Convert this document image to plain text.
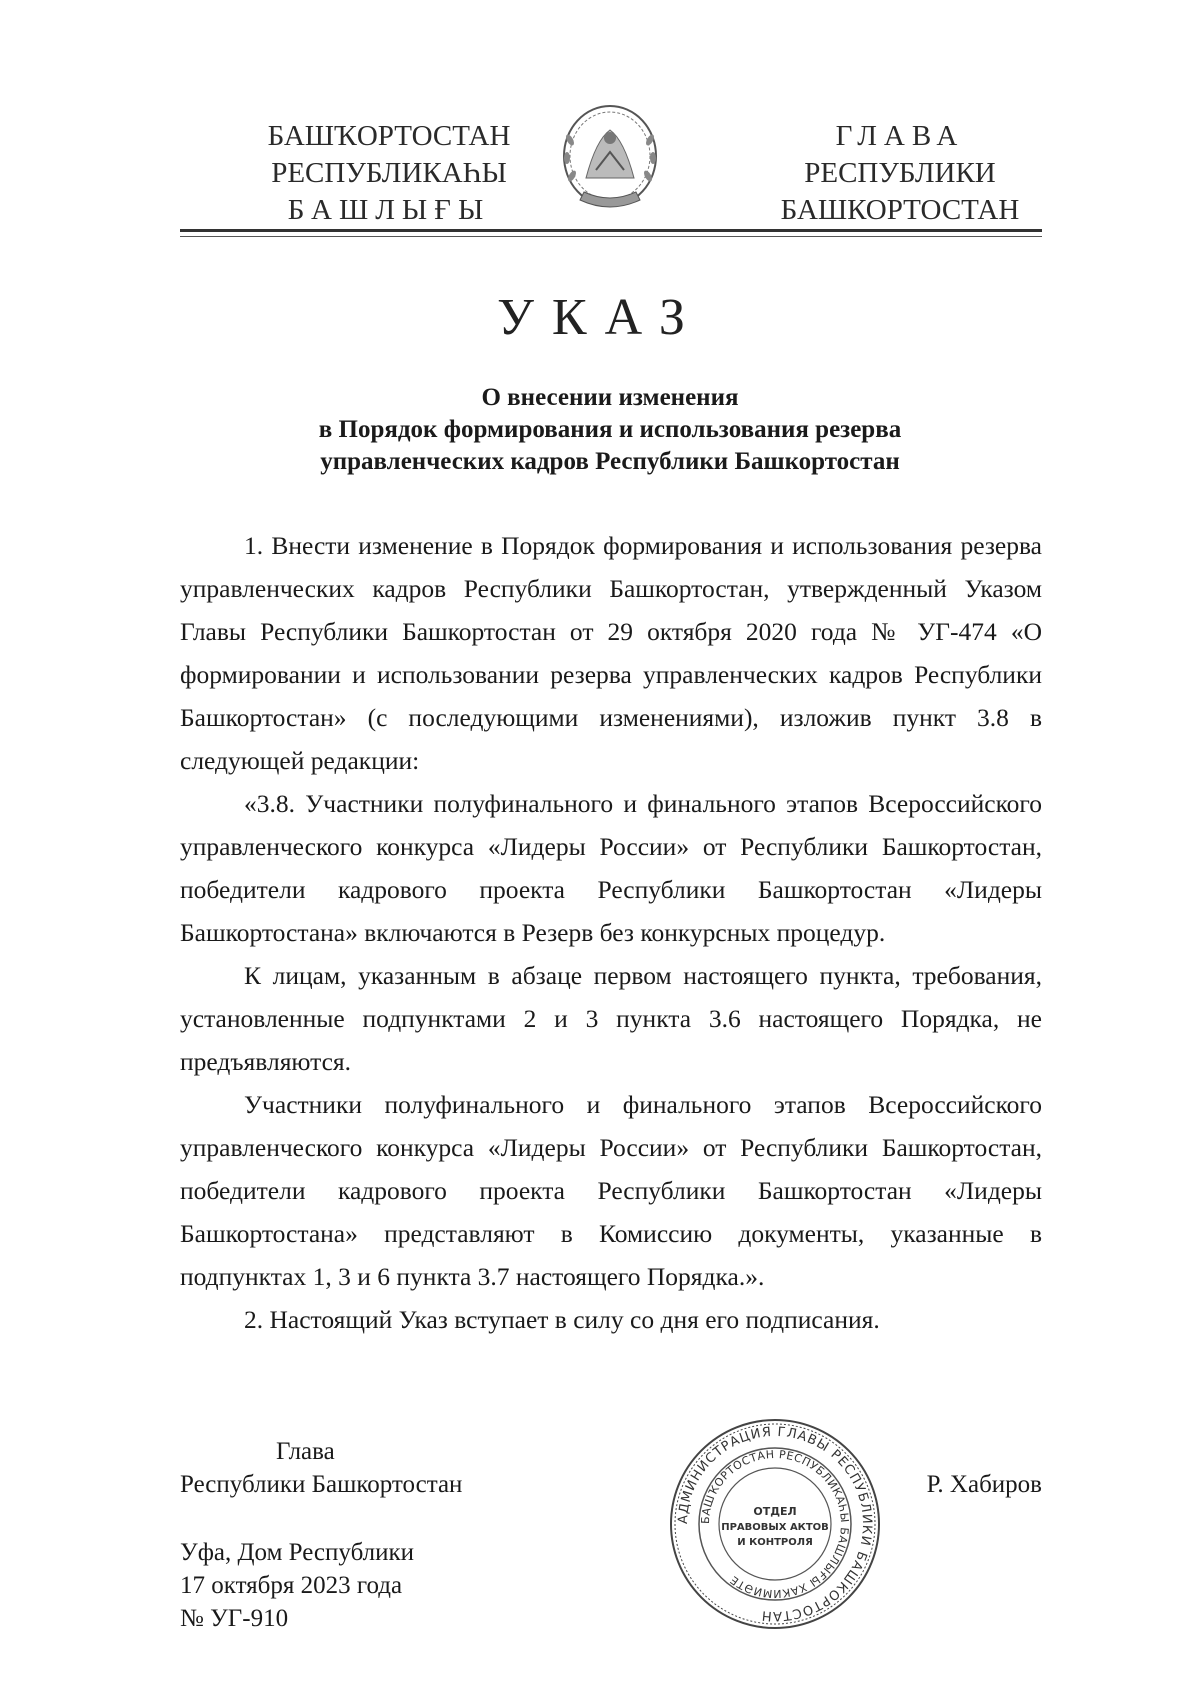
БАШҠОРТОСТАН
РЕСПУБЛИКАҺЫ
БАШЛЫҒЫ
ГЛАВА
РЕСПУБЛИКИ
БАШКОРТОСТАН
УКАЗ
О внесении изменения
в Порядок формирования и использования резерва
управленческих кадров Республики Башкортостан

1. Внести изменение в Порядок формирования и использования резерва управленческих кадров Республики Башкортостан, утвержденный Указом Главы Республики Башкортостан от 29 октября 2020 года № УГ-474 «О формировании и использовании резерва управленческих кадров Республики Башкортостан» (с последующими изменениями), изложив пункт 3.8 в следующей редакции:

«3.8. Участники полуфинального и финального этапов Всероссийского управленческого конкурса «Лидеры России» от Республики Башкортостан, победители кадрового проекта Республики Башкортостан «Лидеры Башкортостана» включаются в Резерв без конкурсных процедур.

К лицам, указанным в абзаце первом настоящего пункта, требования, установленные подпунктами 2 и 3 пункта 3.6 настоящего Порядка, не предъявляются.

Участники полуфинального и финального этапов Всероссийского управленческого конкурса «Лидеры России» от Республики Башкортостан, победители кадрового проекта Республики Башкортостан «Лидеры Башкортостана» представляют в Комиссию документы, указанные в подпунктах 1, 3 и 6 пункта 3.7 настоящего Порядка.».

2. Настоящий Указ вступает в силу со дня его подписания.

Глава
Республики Башкортостан	Р. Хабиров
Уфа, Дом Республики
17 октября 2023 года
№ УГ-910
АДМИНИСТРАЦИЯ ГЛАВЫ РЕСПУБЛИКИ БАШКОРТОСТАН
БАШҠОРТОСТАН РЕСПУБЛИКАҺЫ БАШЛЫҒЫ ХАКИМИӘТЕ
ОТДЕЛ
ПРАВОВЫХ АКТОВ
И КОНТРОЛЯ
